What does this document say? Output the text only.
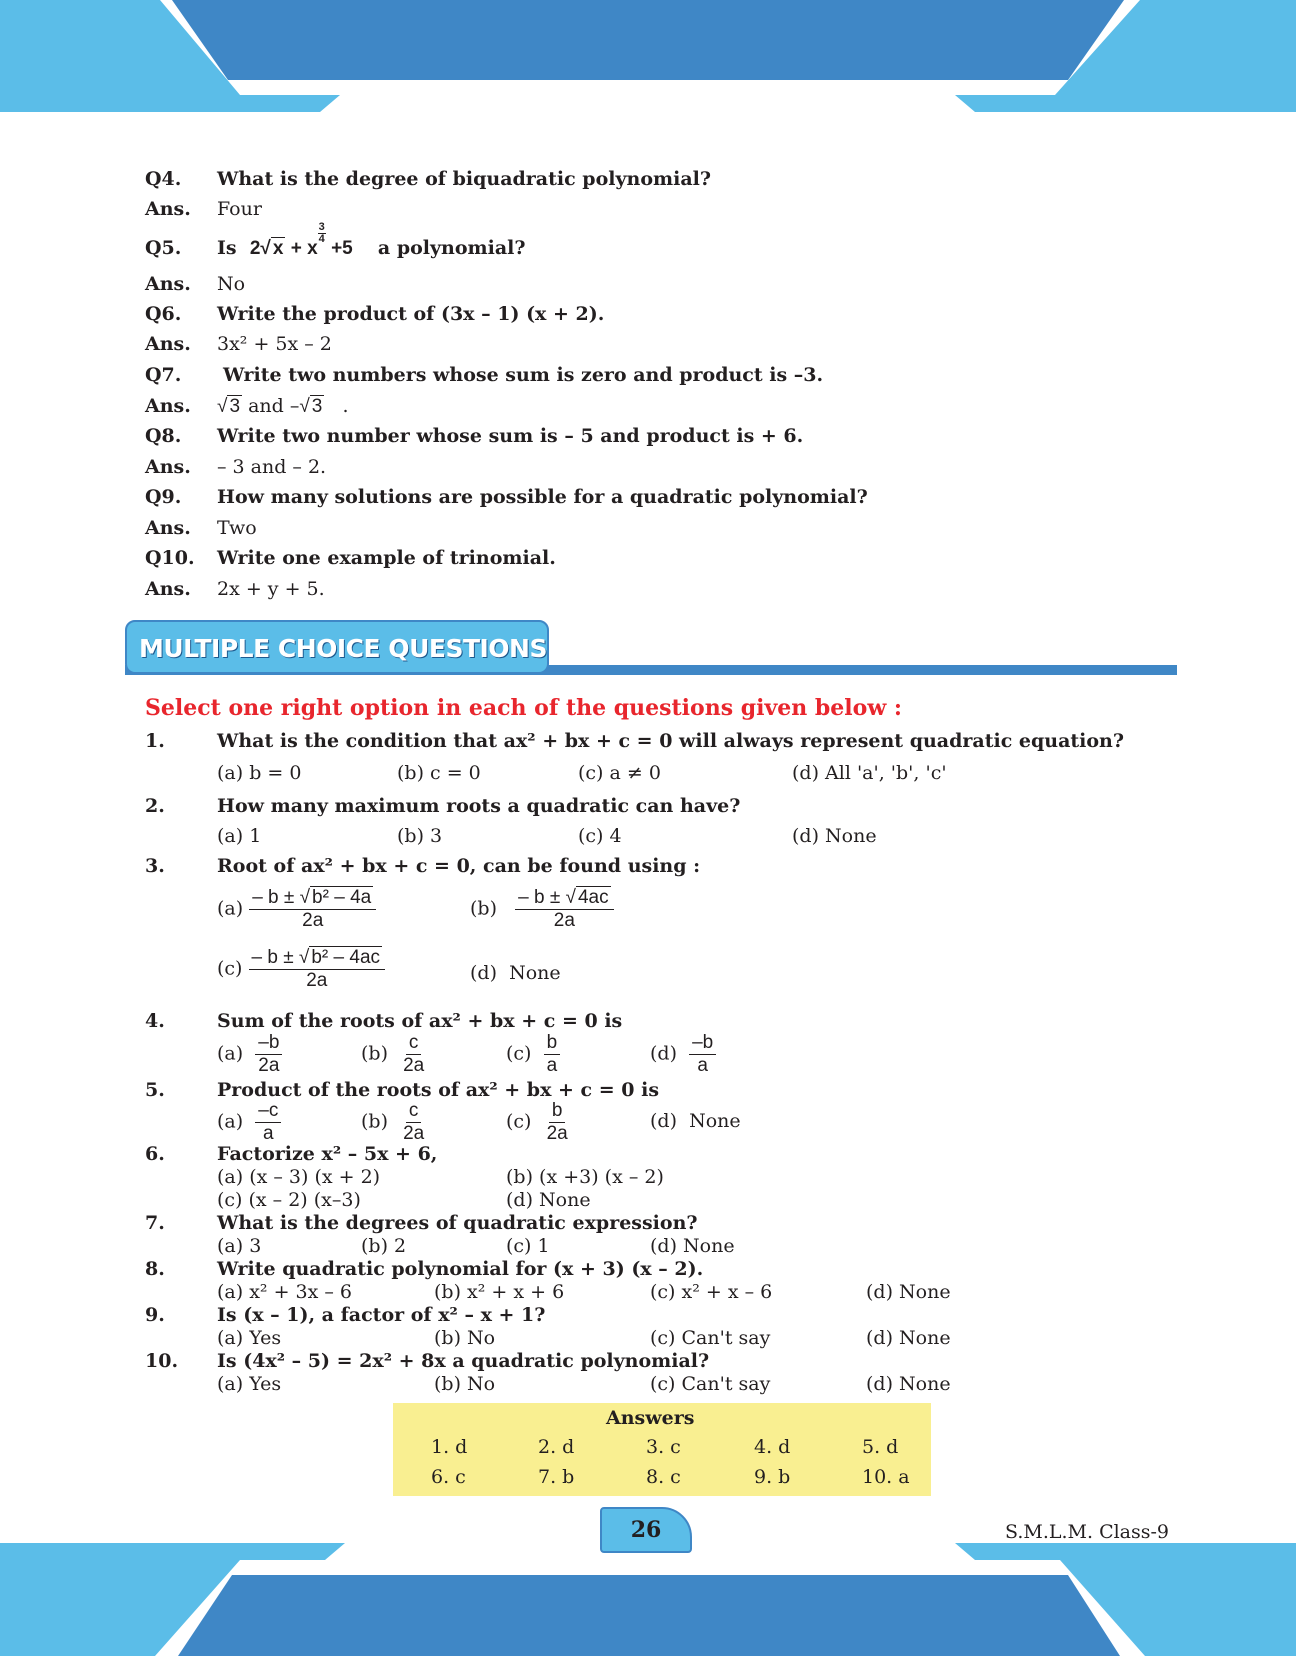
Q4. What is the degree of biquadratic polynomial?
Ans. Four
Q5. Is 2√ x + x
$\frac{3}{4}$
+5 a polynomial?
Ans. No
Q6. Write the product of (3x – 1) (x + 2).
Ans. 3x² + 5x – 2
Q7. Write two numbers whose sum is zero and product is –3.
Ans. √ 3 and –√ 3 .
Q8. Write two number whose sum is – 5 and product is + 6.
Ans. – 3 and – 2.
Q9. How many solutions are possible for a quadratic polynomial?
Ans. Two
Q10. Write one example of trinomial.
Ans. 2x + y + 5.
MULTIPLE CHOICE QUESTIONS
Select one right option in each of the questions given below :
1.	What is the condition that ax² + bx + c = 0 will always represent quadratic equation?
(a) b = 0	(b) c = 0	(c) a ≠ 0	(d) All 'a', 'b', 'c'
2.	How many maximum roots a quadratic can have?
(a) 1	(b) 3	(c) 4	(d) None
3.	Root of ax² + bx + c = 0, can be found using :
$(a) \frac{\text{– b ± √ b² – 4a}}{2a}$	$(b) \frac{- b \pm √ 4ac}{2a}$
$(c) \frac{\text{– b ± √ b² – 4ac}}{2a}$	(d) None
4.	Sum of the roots of ax² + bx + c = 0 is
$(a) \frac{-b}{2a}$	$(b) \frac{c}{2a}$	$(c) \frac{b}{a}$	$(d) \frac{-b}{a}$
5.	Product of the roots of ax² + bx + c = 0 is
$(a) \frac{-c}{a}$	$(b) \frac{c}{2a}$	$(c) \frac{b}{2a}$	(d) None
6.	Factorize x² – 5x + 6,
(a) (x – 3) (x + 2)	(b) (x +3) (x – 2)
(c) (x – 2) (x–3)	(d) None
7.	What is the degrees of quadratic expression?
(a) 3	(b) 2	(c) 1	(d) None
8.	Write quadratic polynomial for (x + 3) (x – 2).
(a) x² + 3x – 6	(b) x² + x + 6	(c) x² + x – 6	(d) None
9.	Is (x – 1), a factor of x² – x + 1?
(a) Yes	(b) No	(c) Can't say	(d) None
10. Is (4x² – 5) = 2x² + 8x a quadratic polynomial?
(a) Yes	(b) No	(c) Can't say	(d) None
Answers
1. d	2. d	3. c	4. d	5. d
6. c	7. b	8. c	9. b	10. a
26	S.M.L.M. Class-9
